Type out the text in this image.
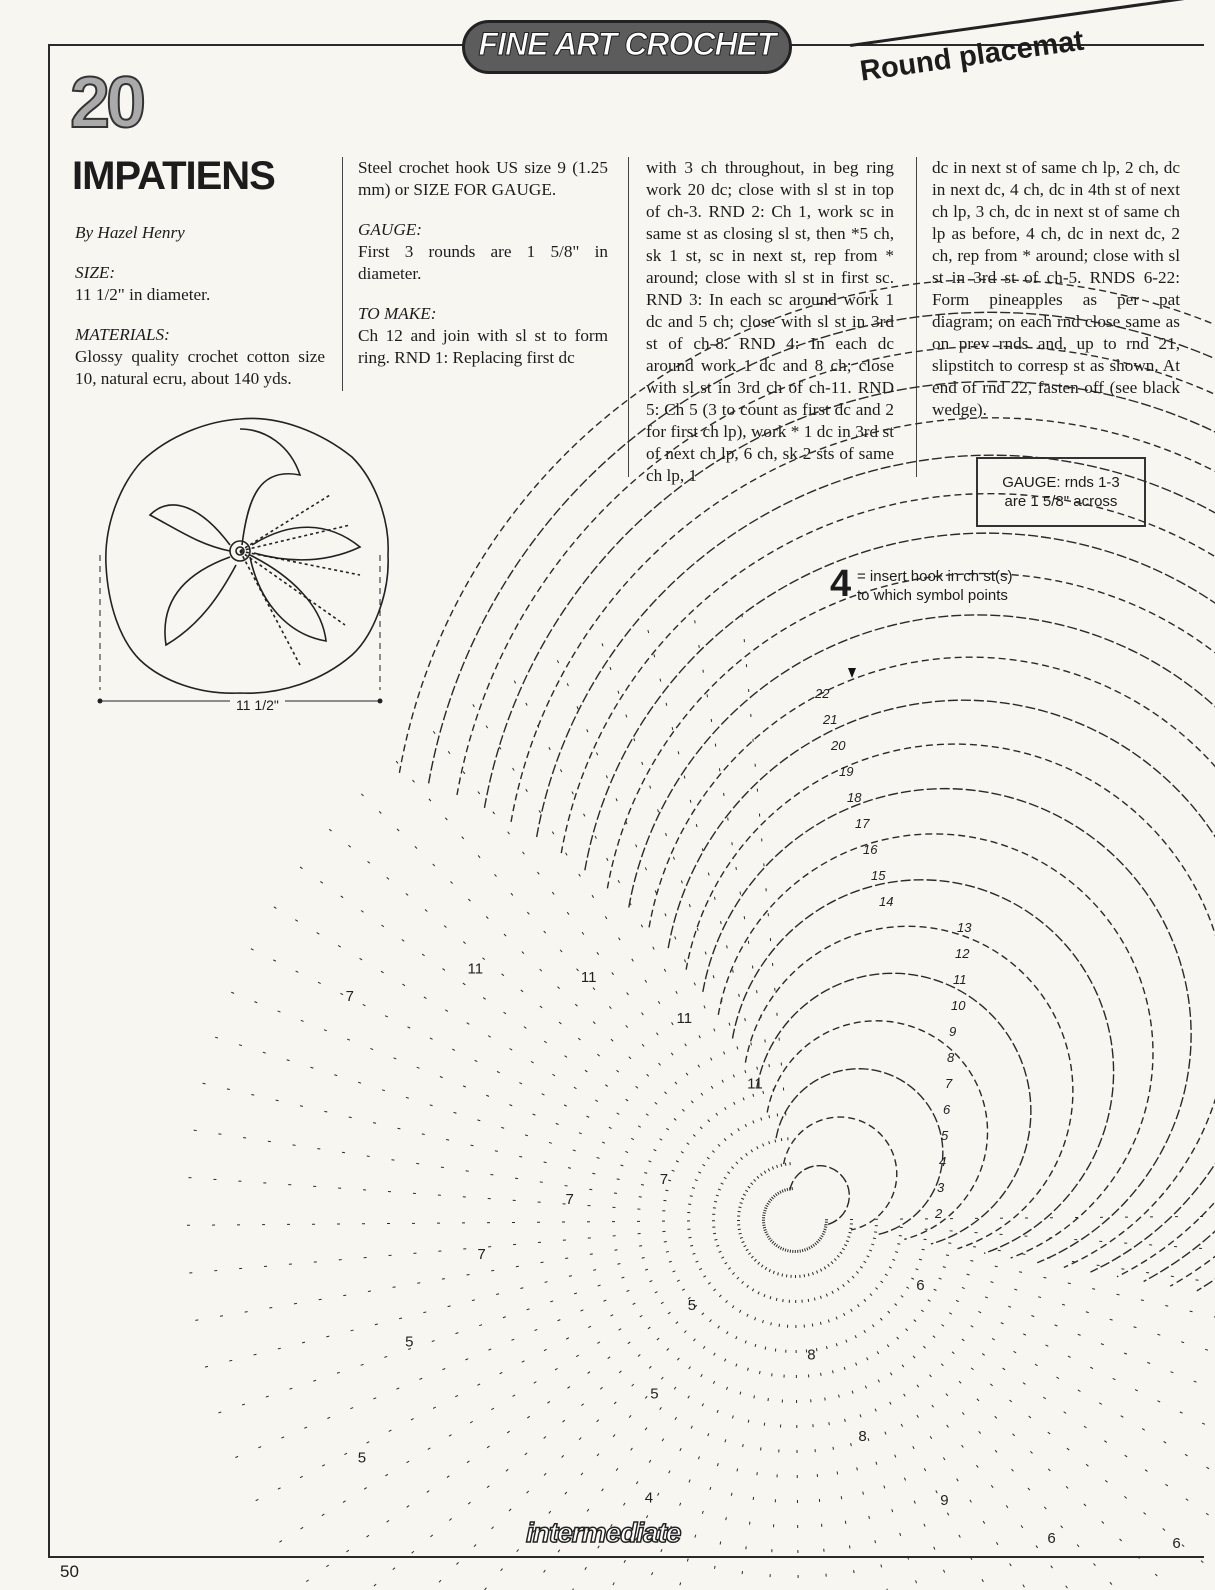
FINE ART CROCHET	Round placemat
20
IMPATIENS

By Hazel Henry

SIZE:

11 1/2" in diameter.

MATERIALS:

Glossy quality crochet cotton size 10, natural ecru, about 140 yds.

Steel crochet hook US size 9 (1.25 mm) or SIZE FOR GAUGE.

GAUGE:

First 3 rounds are 1 5/8" in diameter.

TO MAKE:

Ch 12 and join with sl st to form ring. RND 1: Replacing first dc

with 3 ch throughout, in beg ring work 20 dc; close with sl st in top of ch-3. RND 2: Ch 1, work sc in same st as closing sl st, then *5 ch, sk 1 st, sc in next st, rep from * around; close with sl st in first sc. RND 3: In each sc around work 1 dc and 5 ch; close with sl st in 3rd st of ch-8. RND 4: In each dc around work 1 dc and 8 ch; close with sl st in 3rd ch of ch-11. RND 5: Ch 5 (3 to count as first dc and 2 for first ch lp), work * 1 dc in 3rd st of next ch lp, 6 ch, sk 2 sts of same ch lp, 1

dc in next st of same ch lp, 2 ch, dc in next dc, 4 ch, dc in 4th st of next ch lp, 3 ch, dc in next st of same ch lp as before, 4 ch, dc in next dc, 2 ch, rep from * around; close with sl st in 3rd st of ch-5. RNDS 6-22: Form pineapples as per pat diagram; on each rnd close same as on prev rnds and, up to rnd 21, slipstitch to corresp st as shown. At end of rnd 22, fasten off (see black wedge).

GAUGE: rnds 1-3
are 1 5/8" across
4 = insert hook in ch st(s)
to which symbol points
11 1/2"
11
11
11
11
7
7
7
7
5
5
5
5
4
8
8
9
6	6
6
22
21
20
19
18
17
16
15
14
13
12
11
10
9
8
7
6
5
4
3
2
intermediate
50
